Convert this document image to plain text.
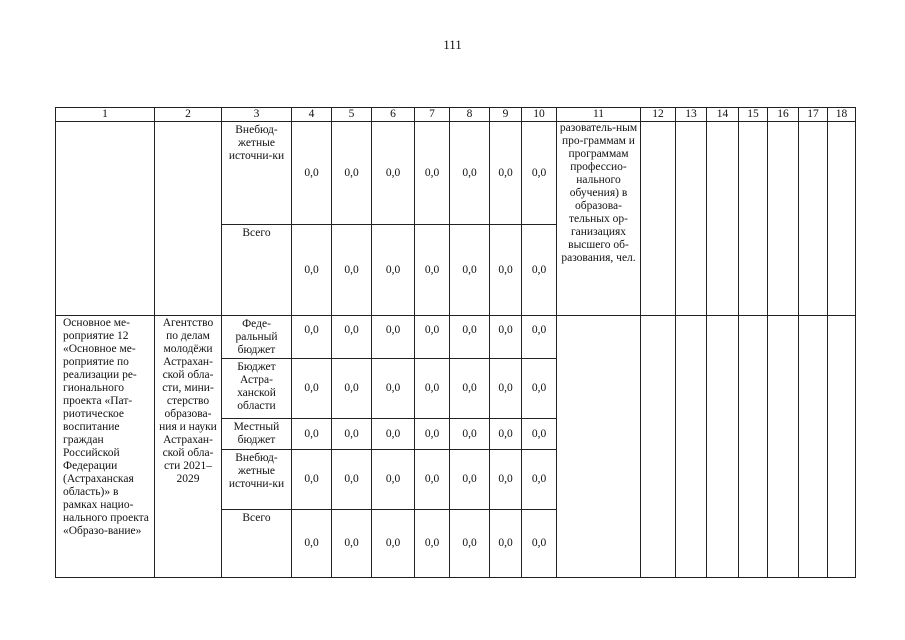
111
1	2	3	4	5	6	7	8	9	10	11	12	13	14	15	16	17	18
		Внебюд-жетные источни-ки	0,0	0,0	0,0	0,0	0,0	0,0	0,0	разователь-ным про-граммам и программам профессио-нального обучения) в образова-тельных ор-ганизациях высшего об-разования, чел.							
		Всего	0,0	0,0	0,0	0,0	0,0	0,0	0,0								
Основное ме-роприятие 12 «Основное ме-роприятие по реализации ре-гионального проекта «Пат-риотическое воспитание граждан Российской Федерации (Астраханская область)» в рамках нацио-нального проекта «Образо-вание»	Агентство по делам молодёжи Астрахан-ской обла-сти, мини-стерство образова-ния и науки Астрахан-ской обла-сти 2021–2029	Феде-ральный бюджет	0,0	0,0	0,0	0,0	0,0	0,0	0,0								
		Бюджет Астра-ханской области	0,0	0,0	0,0	0,0	0,0	0,0	0,0								
		Местный бюджет	0,0	0,0	0,0	0,0	0,0	0,0	0,0								
		Внебюд-жетные источни-ки	0,0	0,0	0,0	0,0	0,0	0,0	0,0								
		Всего	0,0	0,0	0,0	0,0	0,0	0,0	0,0								
